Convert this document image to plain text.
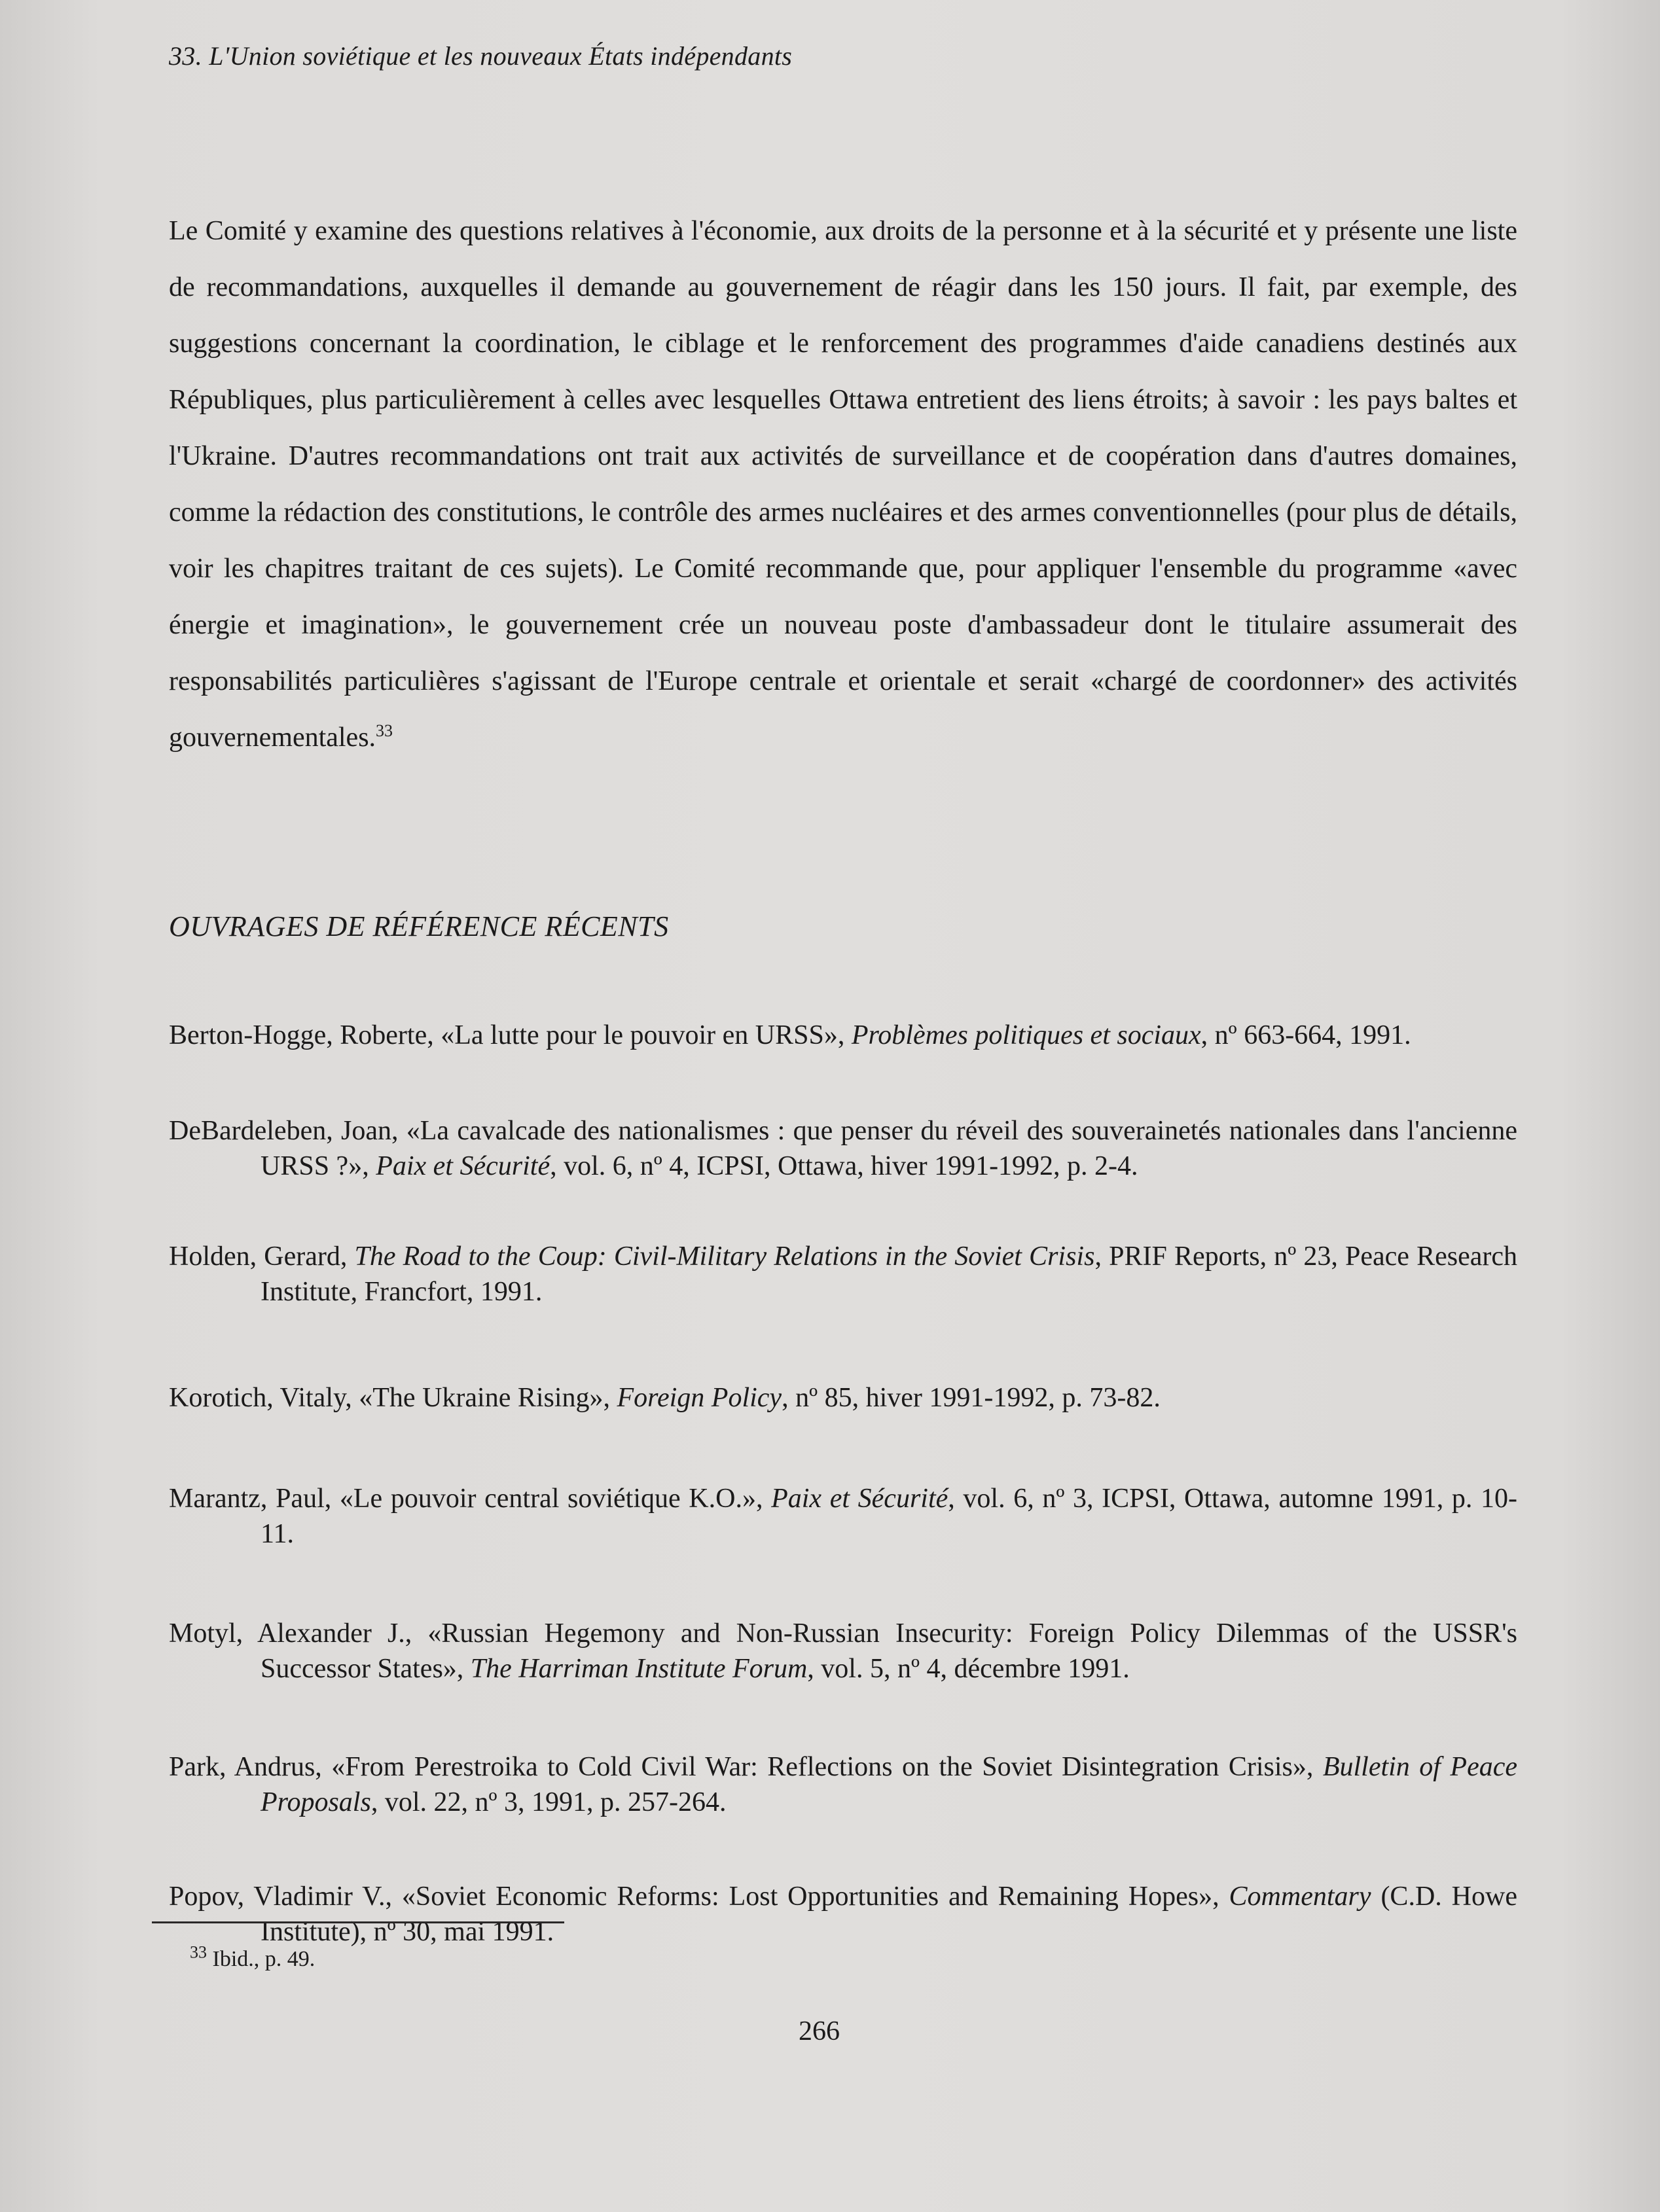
33. L'Union soviétique et les nouveaux États indépendants

Le Comité y examine des questions relatives à l'économie, aux droits de la personne et à la sécurité et y présente une liste de recommandations, auxquelles il demande au gouvernement de réagir dans les 150 jours. Il fait, par exemple, des suggestions concernant la coordination, le ciblage et le renforcement des programmes d'aide canadiens destinés aux Républiques, plus particulièrement à celles avec lesquelles Ottawa entretient des liens étroits; à savoir : les pays baltes et l'Ukraine. D'autres recommandations ont trait aux activités de surveillance et de coopération dans d'autres domaines, comme la rédaction des constitutions, le contrôle des armes nucléaires et des armes conventionnelles (pour plus de détails, voir les chapitres traitant de ces sujets). Le Comité recommande que, pour appliquer l'ensemble du programme «avec énergie et imagination», le gouvernement crée un nouveau poste d'ambassadeur dont le titulaire assumerait des responsabilités particulières s'agissant de l'Europe centrale et orientale et serait «chargé de coordonner» des activités gouvernementales.$^{33}$

OUVRAGES DE RÉFÉRENCE RÉCENTS
Berton-Hogge, Roberte, «La lutte pour le pouvoir en URSS», Problèmes politiques et sociaux, nº 663-664, 1991.
DeBardeleben, Joan, «La cavalcade des nationalismes : que penser du réveil des souverainetés nationales dans l'ancienne URSS ?», Paix et Sécurité, vol. 6, nº 4, ICPSI, Ottawa, hiver 1991-1992, p. 2-4.
Holden, Gerard, The Road to the Coup: Civil-Military Relations in the Soviet Crisis, PRIF Reports, nº 23, Peace Research Institute, Francfort, 1991.
Korotich, Vitaly, «The Ukraine Rising», Foreign Policy, nº 85, hiver 1991-1992, p. 73-82.
Marantz, Paul, «Le pouvoir central soviétique K.O.», Paix et Sécurité, vol. 6, nº 3, ICPSI, Ottawa, automne 1991, p. 10-11.
Motyl, Alexander J., «Russian Hegemony and Non-Russian Insecurity: Foreign Policy Dilemmas of the USSR's Successor States», The Harriman Institute Forum, vol. 5, nº 4, décembre 1991.
Park, Andrus, «From Perestroika to Cold Civil War: Reflections on the Soviet Disintegration Crisis», Bulletin of Peace Proposals, vol. 22, nº 3, 1991, p. 257-264.
Popov, Vladimir V., «Soviet Economic Reforms: Lost Opportunities and Remaining Hopes», Commentary (C.D. Howe Institute), nº 30, mai 1991.
$^{33}$ Ibid., p. 49.
266
